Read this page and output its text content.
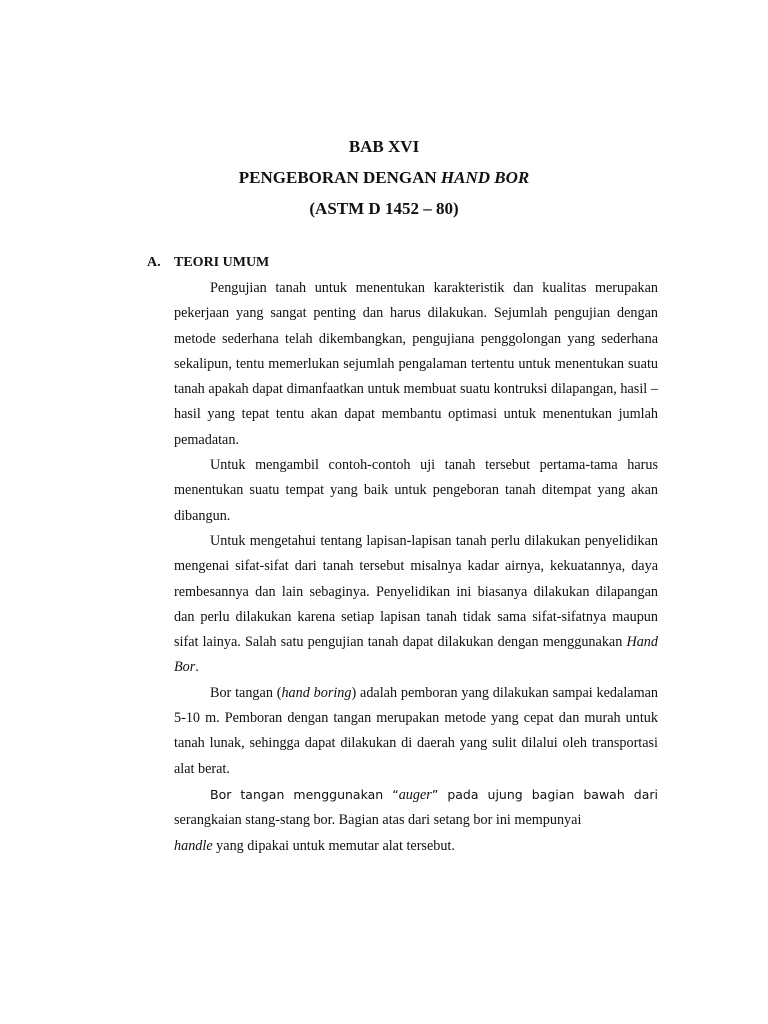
BAB XVI
PENGEBORAN DENGAN HAND BOR
(ASTM D 1452 – 80)
A. TEORI UMUM

Pengujian tanah untuk menentukan karakteristik dan kualitas merupakan pekerjaan yang sangat penting dan harus dilakukan. Sejumlah pengujian dengan metode sederhana telah dikembangkan, pengujiana penggolongan yang sederhana sekalipun, tentu memerlukan sejumlah pengalaman tertentu untuk menentukan suatu tanah apakah dapat dimanfaatkan untuk membuat suatu kontruksi dilapangan, hasil – hasil yang tepat tentu akan dapat membantu optimasi untuk menentukan jumlah pemadatan.

Untuk mengambil contoh-contoh uji tanah tersebut pertama-tama harus menentukan suatu tempat yang baik untuk pengeboran tanah ditempat yang akan dibangun.

Untuk mengetahui tentang lapisan-lapisan tanah perlu dilakukan penyelidikan mengenai sifat-sifat dari tanah tersebut misalnya kadar airnya, kekuatannya, daya rembesannya dan lain sebaginya. Penyelidikan ini biasanya dilakukan dilapangan dan perlu dilakukan karena setiap lapisan tanah tidak sama sifat-sifatnya maupun sifat lainya. Salah satu pengujian tanah dapat dilakukan dengan menggunakan Hand Bor.

Bor tangan (hand boring) adalah pemboran yang dilakukan sampai kedalaman 5-10 m. Pemboran dengan tangan merupakan metode yang cepat dan murah untuk tanah lunak, sehingga dapat dilakukan di daerah yang sulit dilalui oleh transportasi alat berat.

Bor tangan menggunakan “auger” pada ujung bagian bawah dari serangkaian stang-stang bor. Bagian atas dari setang bor ini mempunyai
handle yang dipakai untuk memutar alat tersebut.
